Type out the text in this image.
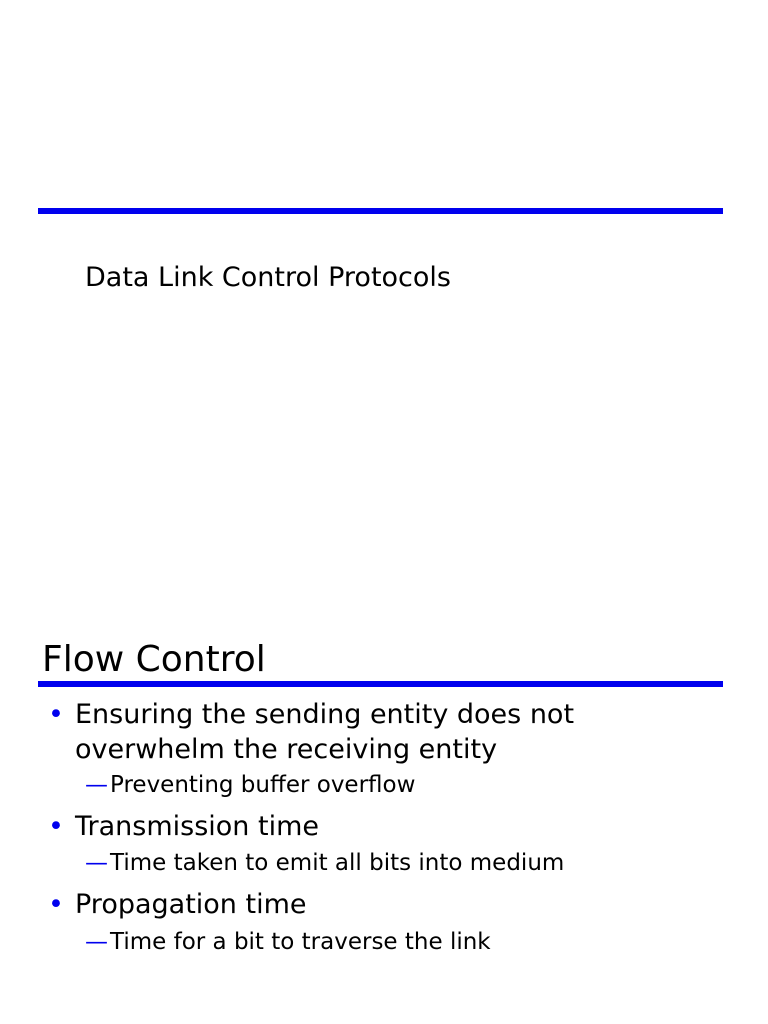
Data Link Control Protocols
Flow Control
• Ensuring the sending entity does not overwhelm the receiving entity
— Preventing buffer overflow
• Transmission time
— Time taken to emit all bits into medium
• Propagation time
— Time for a bit to traverse the link
